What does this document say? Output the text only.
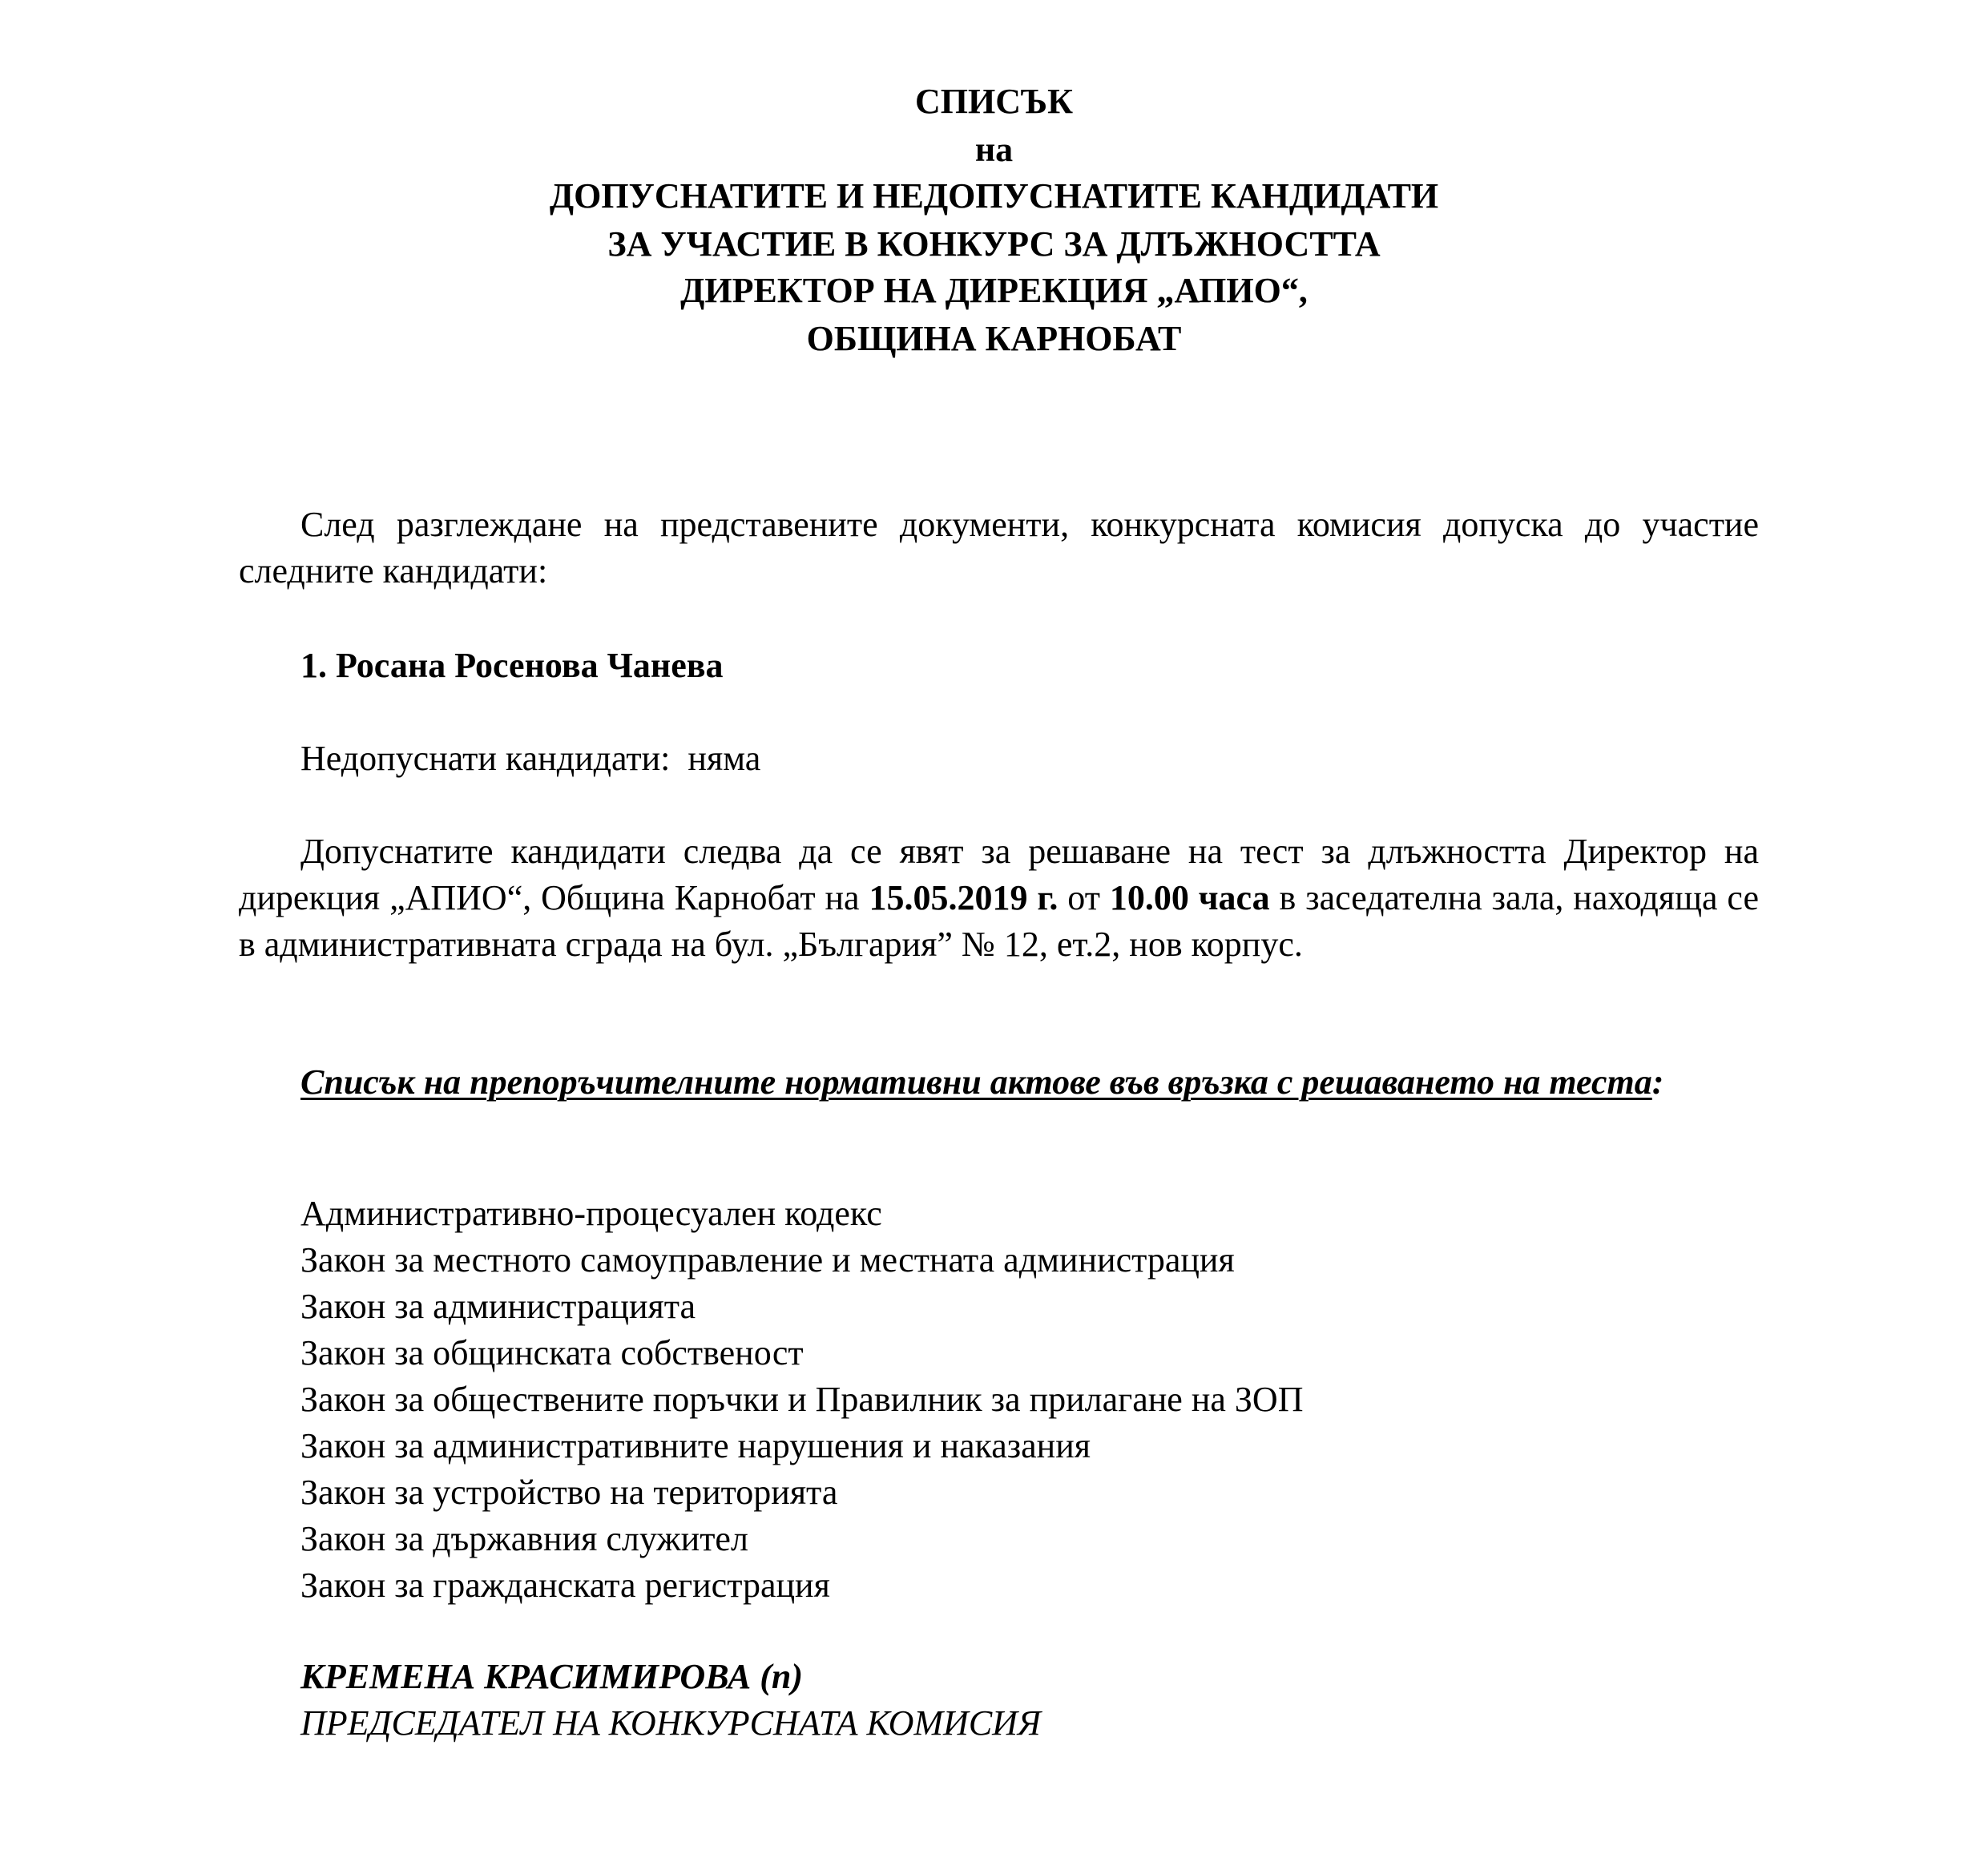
СПИСЪК
на
ДОПУСНАТИТЕ И НЕДОПУСНАТИТЕ КАНДИДАТИ
ЗА УЧАСТИЕ В КОНКУРС ЗА ДЛЪЖНОСТТА
ДИРЕКТОР НА ДИРЕКЦИЯ „АПИО“,
ОБЩИНА КАРНОБАТ

След разглеждане на представените документи, конкурсната комисия допуска до участие следните кандидати:

1. Росана Росенова Чанева
Недопуснати кандидати: няма

Допуснатите кандидати следва да се явят за решаване на тест за длъжността Директор на дирекция „АПИО“, Община Карнобат на 15.05.2019 г. от 10.00 часа в заседателна зала, находяща се в административната сграда на бул. „България” № 12, ет.2, нов корпус.

Списък на препоръчителните нормативни актове във връзка с решаването на теста:

Административно-процесуален кодекс
Закон за местното самоуправление и местната администрация
Закон за администрацията
Закон за общинската собственост
Закон за обществените поръчки и Правилник за прилагане на ЗОП
Закон за административните нарушения и наказания
Закон за устройство на територията
Закон за държавния служител
Закон за гражданската регистрация
КРЕМЕНА КРАСИМИРОВА (п)
ПРЕДСЕДАТЕЛ НА КОНКУРСНАТА КОМИСИЯ
